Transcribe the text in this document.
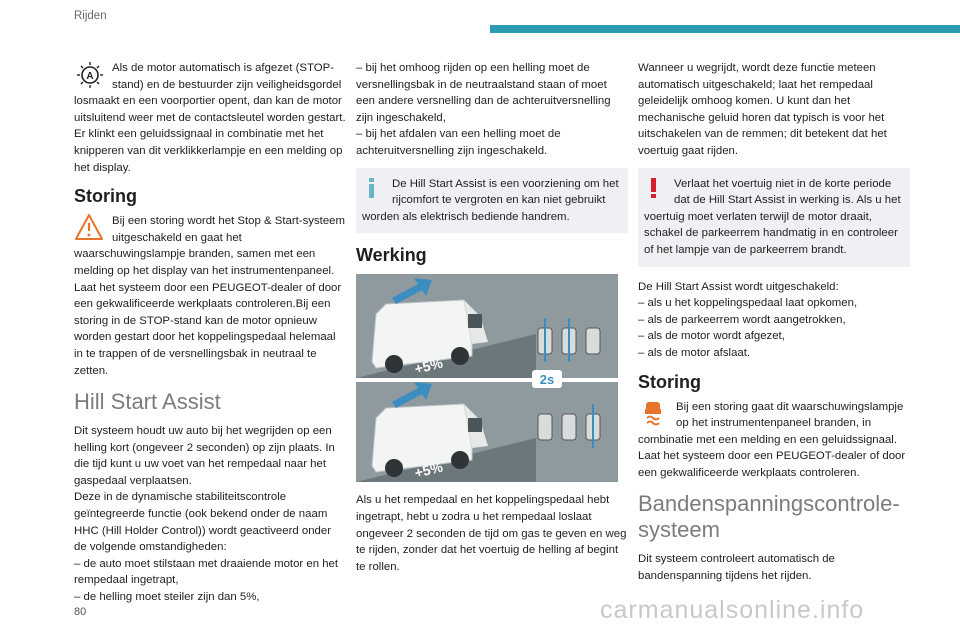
Rijden
A

Als de motor automatisch is afgezet (STOP-stand) en de bestuurder zijn veiligheidsgordel losmaakt en een voorportier opent, dan kan de motor uitsluitend weer met de contactsleutel worden gestart. Er klinkt een geluidssignaal in combinatie met het knipperen van dit verklikkerlampje en een melding op het display.

Storing

Bij een storing wordt het Stop & Start-systeem uitgeschakeld en gaat het waarschuwingslampje branden, samen met een melding op het display van het instrumentenpaneel. Laat het systeem door een PEUGEOT-dealer of door een gekwalificeerde werkplaats controleren.Bij een storing in de STOP-stand kan de motor opnieuw worden gestart door het koppelingspedaal helemaal in te trappen of de versnellingsbak in neutraal te zetten.

Hill Start Assist

Dit systeem houdt uw auto bij het wegrijden op een helling kort (ongeveer 2 seconden) op zijn plaats. In die tijd kunt u uw voet van het rempedaal naar het gaspedaal verplaatsen.

Deze in de dynamische stabiliteitscontrole geïntegreerde functie (ook bekend onder de naam HHC (Hill Holder Control)) wordt geactiveerd onder de volgende omstandigheden:

– de auto moet stilstaan met draaiende motor en het rempedaal ingetrapt,

– de helling moet steiler zijn dan 5%,

– bij het omhoog rijden op een helling moet de versnellingsbak in de neutraalstand staan of moet een andere versnelling dan de achteruitversnelling zijn ingeschakeld,

– bij het afdalen van een helling moet de achteruitversnelling zijn ingeschakeld.

De Hill Start Assist is een voorziening om het rijcomfort te vergroten en kan niet gebruikt worden als elektrisch bediende handrem.

Werking
+5%
+5%
2s

Als u het rempedaal en het koppelingspedaal hebt ingetrapt, hebt u zodra u het rempedaal loslaat ongeveer 2 seconden de tijd om gas te geven en weg te rijden, zonder dat het voertuig de helling af begint te rollen.

Wanneer u wegrijdt, wordt deze functie meteen automatisch uitgeschakeld; laat het rempedaal geleidelijk omhoog komen. U kunt dan het mechanische geluid horen dat typisch is voor het uitschakelen van de remmen; dit betekent dat het voertuig gaat rijden.

Verlaat het voertuig niet in de korte periode dat de Hill Start Assist in werking is. Als u het voertuig moet verlaten terwijl de motor draait, schakel de parkeerrem handmatig in en controleer of het lampje van de parkeerrem brandt.

De Hill Start Assist wordt uitgeschakeld:

– als u het koppelingspedaal laat opkomen,

– als de parkeerrem wordt aangetrokken,

– als de motor wordt afgezet,

– als de motor afslaat.

Storing

Bij een storing gaat dit waarschuwingslampje op het instrumentenpaneel branden, in combinatie met een melding en een geluidssignaal. Laat het systeem door een PEUGEOT-dealer of door een gekwalificeerde werkplaats controleren.

Bandenspanningscontrole-systeem

Dit systeem controleert automatisch de bandenspanning tijdens het rijden.

80	carmanualsonline.info
